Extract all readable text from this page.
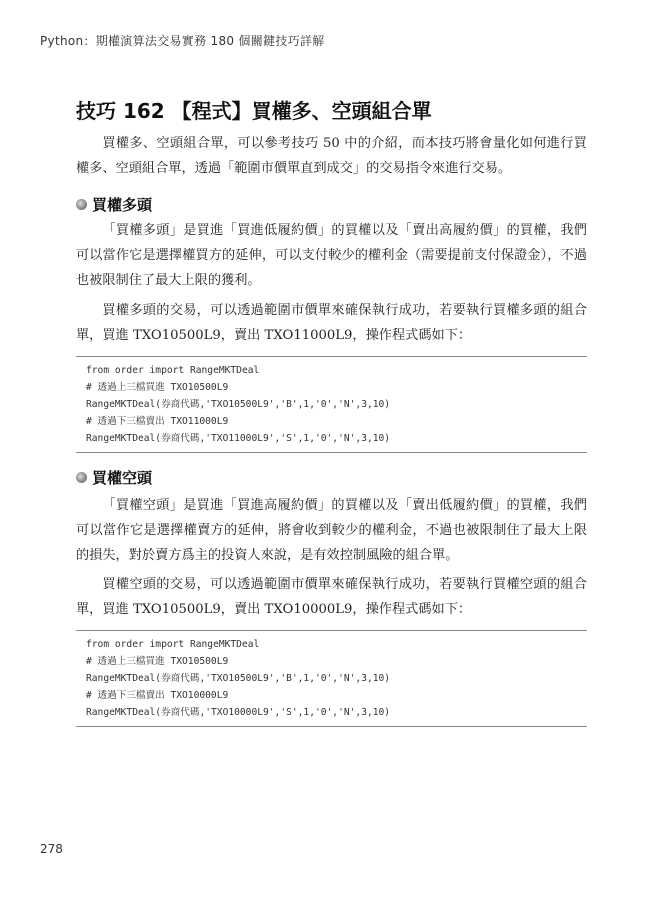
Python：期權演算法交易實務 180 個關鍵技巧詳解
技巧 162 【程式】買權多、空頭組合單

買權多、空頭組合單，可以參考技巧 50 中的介紹，而本技巧將會量化如何進行買權多、空頭組合單，透過「範圍市價單直到成交」的交易指令來進行交易。

買權多頭

「買權多頭」是買進「買進低履約價」的買權以及「賣出高履約價」的買權，我們可以當作它是選擇權買方的延伸，可以支付較少的權利金（需要提前支付保證金），不過也被限制住了最大上限的獲利。

買權多頭的交易，可以透過範圍市價單來確保執行成功，若要執行買權多頭的組合單，買進 TXO10500L9，賣出 TXO11000L9，操作程式碼如下：

from order import RangeMKTDeal
# 透過上三檔買進 TXO10500L9
RangeMKTDeal(券商代碼,'TXO10500L9','B',1,'0','N',3,10)
# 透過下三檔賣出 TXO11000L9
RangeMKTDeal(券商代碼,'TXO11000L9','S',1,'0','N',3,10)
買權空頭

「買權空頭」是買進「買進高履約價」的買權以及「賣出低履約價」的買權，我們可以當作它是選擇權賣方的延伸，將會收到較少的權利金，不過也被限制住了最大上限的損失，對於賣方爲主的投資人來說，是有效控制風險的組合單。

買權空頭的交易，可以透過範圍市價單來確保執行成功，若要執行買權空頭的組合單，買進 TXO10500L9，賣出 TXO10000L9，操作程式碼如下：

from order import RangeMKTDeal
# 透過上三檔買進 TXO10500L9
RangeMKTDeal(券商代碼,'TXO10500L9','B',1,'0','N',3,10)
# 透過下三檔賣出 TXO10000L9
RangeMKTDeal(券商代碼,'TXO10000L9','S',1,'0','N',3,10)
278
